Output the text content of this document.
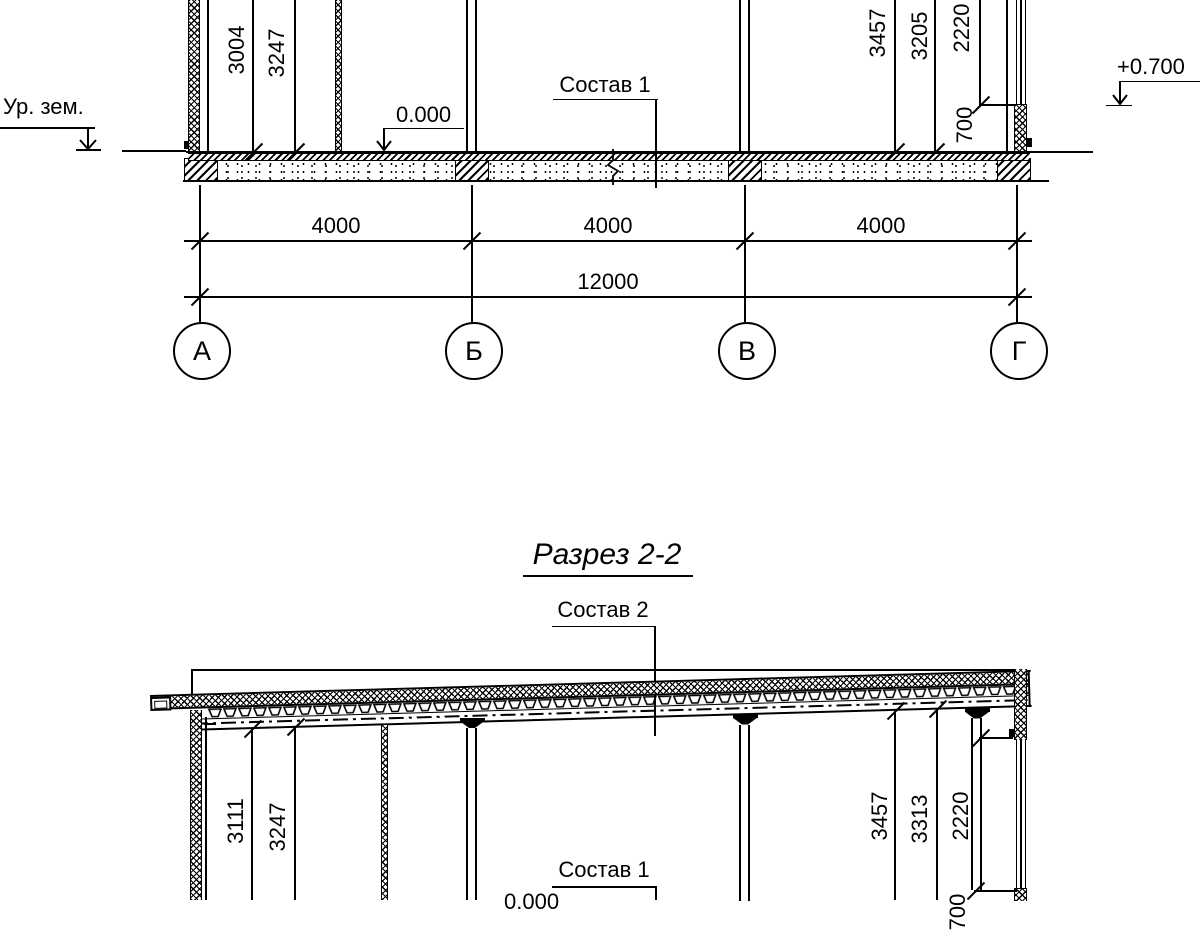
Ур. зем.	0.000
+0.700
Состав 1
3004 3247	3457 3205 2220
700
4000	4000	4000
12000
А	Б	В	Г
Разрез 2-2
Состав 2
3111 3247	3457 3313 2220
700
Состав 1
0.000
